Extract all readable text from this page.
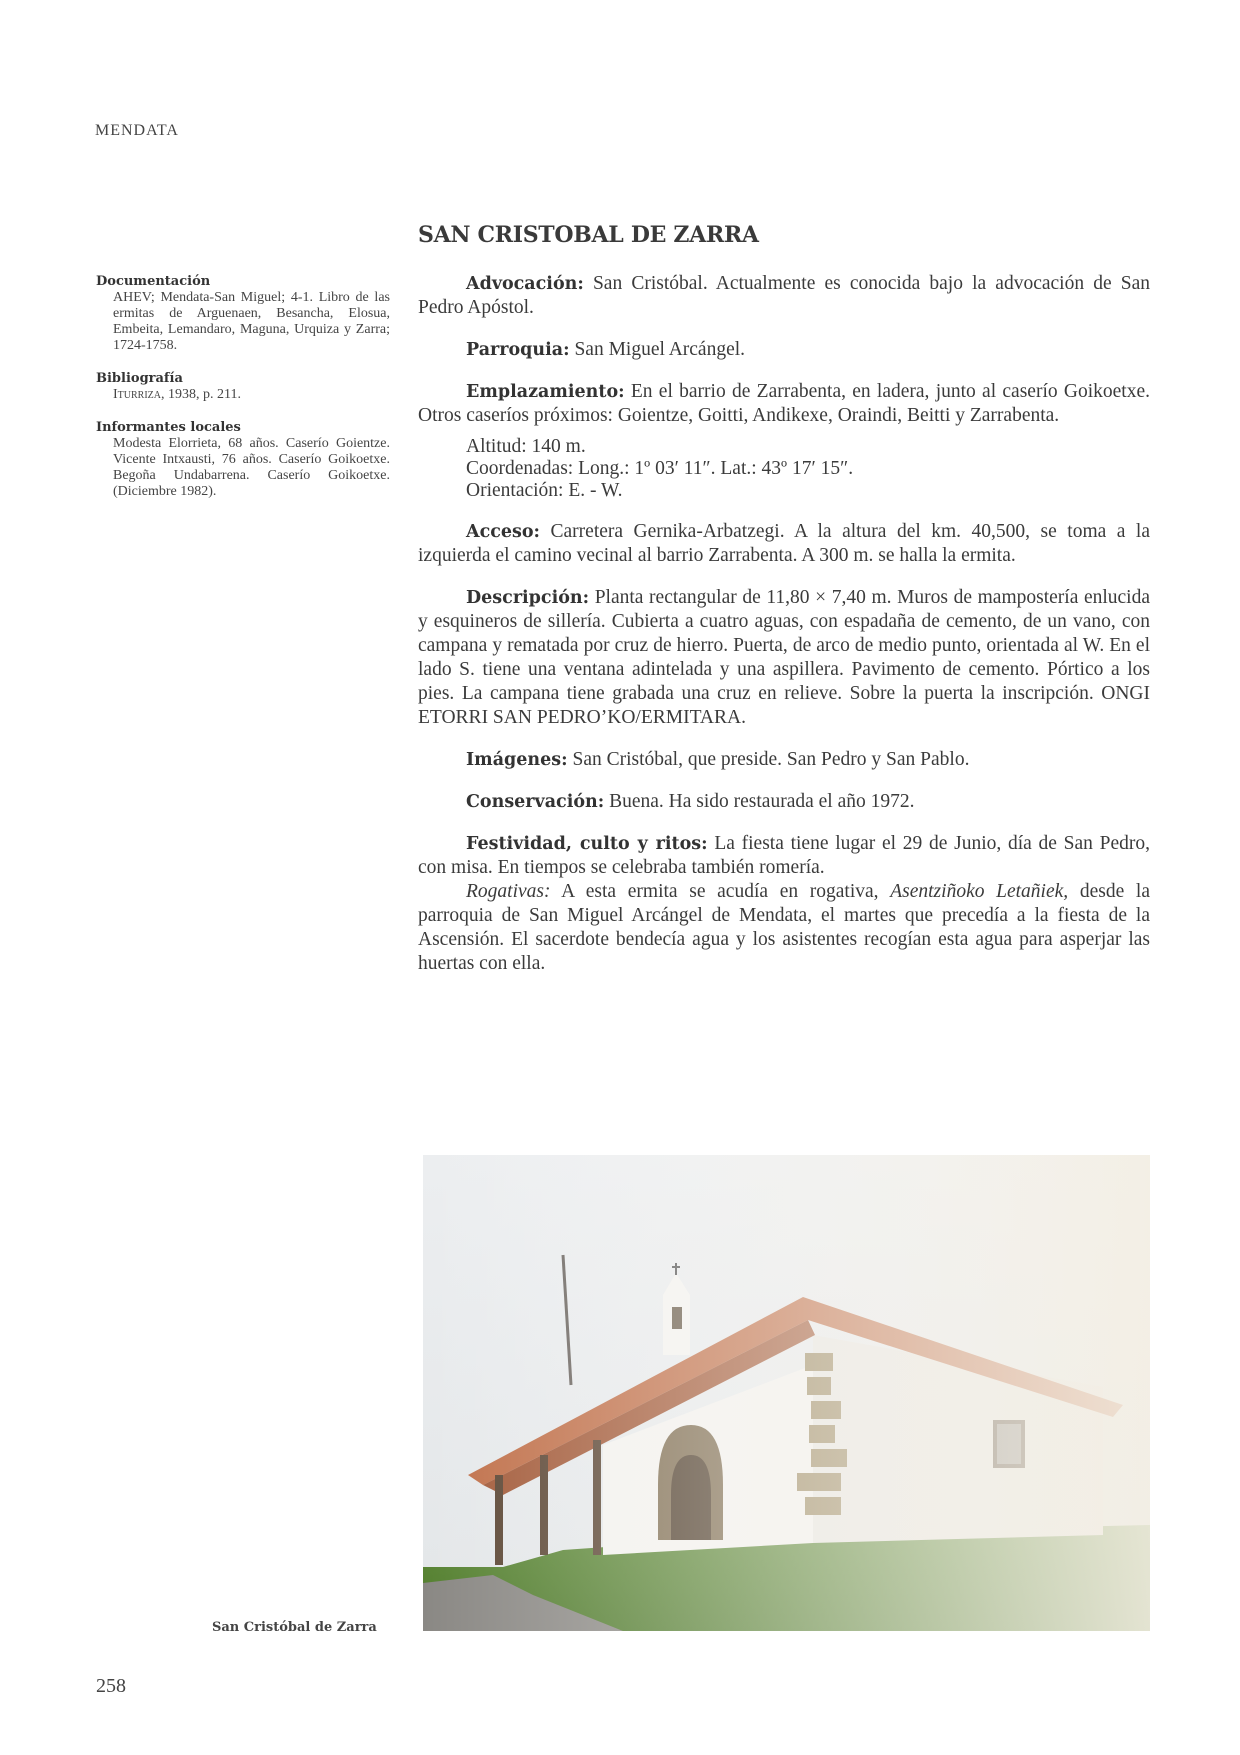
MENDATA
Documentación

AHEV; Mendata-San Miguel; 4-1. Libro de las ermitas de Arguenaen, Besancha, Elosua, Embeita, Lemandaro, Maguna, Urquiza y Zarra; 1724-1758.

Bibliografía

Iturriza, 1938, p. 211.

Informantes locales

Modesta Elorrieta, 68 años. Caserío Goientze. Vicente Intxausti, 76 años. Caserío Goikoetxe. Begoña Undabarrena. Caserío Goikoetxe. (Diciembre 1982).

SAN CRISTOBAL DE ZARRA

Advocación: San Cristóbal. Actualmente es conocida bajo la advocación de San Pedro Apóstol.

Parroquia: San Miguel Arcángel.

Emplazamiento: En el barrio de Zarrabenta, en ladera, junto al caserío Goikoetxe. Otros caseríos próximos: Goientze, Goitti, Andikexe, Oraindi, Beitti y Zarrabenta.

Altitud: 140 m.
Coordenadas: Long.: 1º 03′ 11″. Lat.: 43º 17′ 15″.
Orientación: E. - W.

Acceso: Carretera Gernika-Arbatzegi. A la altura del km. 40,500, se toma a la izquierda el camino vecinal al barrio Zarrabenta. A 300 m. se halla la ermita.

Descripción: Planta rectangular de 11,80 × 7,40 m. Muros de mampostería enlucida y esquineros de sillería. Cubierta a cuatro aguas, con espadaña de cemento, de un vano, con campana y rematada por cruz de hierro. Puerta, de arco de medio punto, orientada al W. En el lado S. tiene una ventana adintelada y una aspillera. Pavimento de cemento. Pórtico a los pies. La campana tiene grabada una cruz en relieve. Sobre la puerta la inscripción. ONGI ETORRI SAN PEDRO’KO/ERMITARA.

Imágenes: San Cristóbal, que preside. San Pedro y San Pablo.

Conservación: Buena. Ha sido restaurada el año 1972.

Festividad, culto y ritos: La fiesta tiene lugar el 29 de Junio, día de San Pedro, con misa. En tiempos se celebraba también romería.

Rogativas: A esta ermita se acudía en rogativa, Asentziñoko Letañiek, desde la parroquia de San Miguel Arcángel de Mendata, el martes que precedía a la fiesta de la Ascensión. El sacerdote bendecía agua y los asistentes recogían esta agua para asperjar las huertas con ella.

San Cristóbal de Zarra
258
